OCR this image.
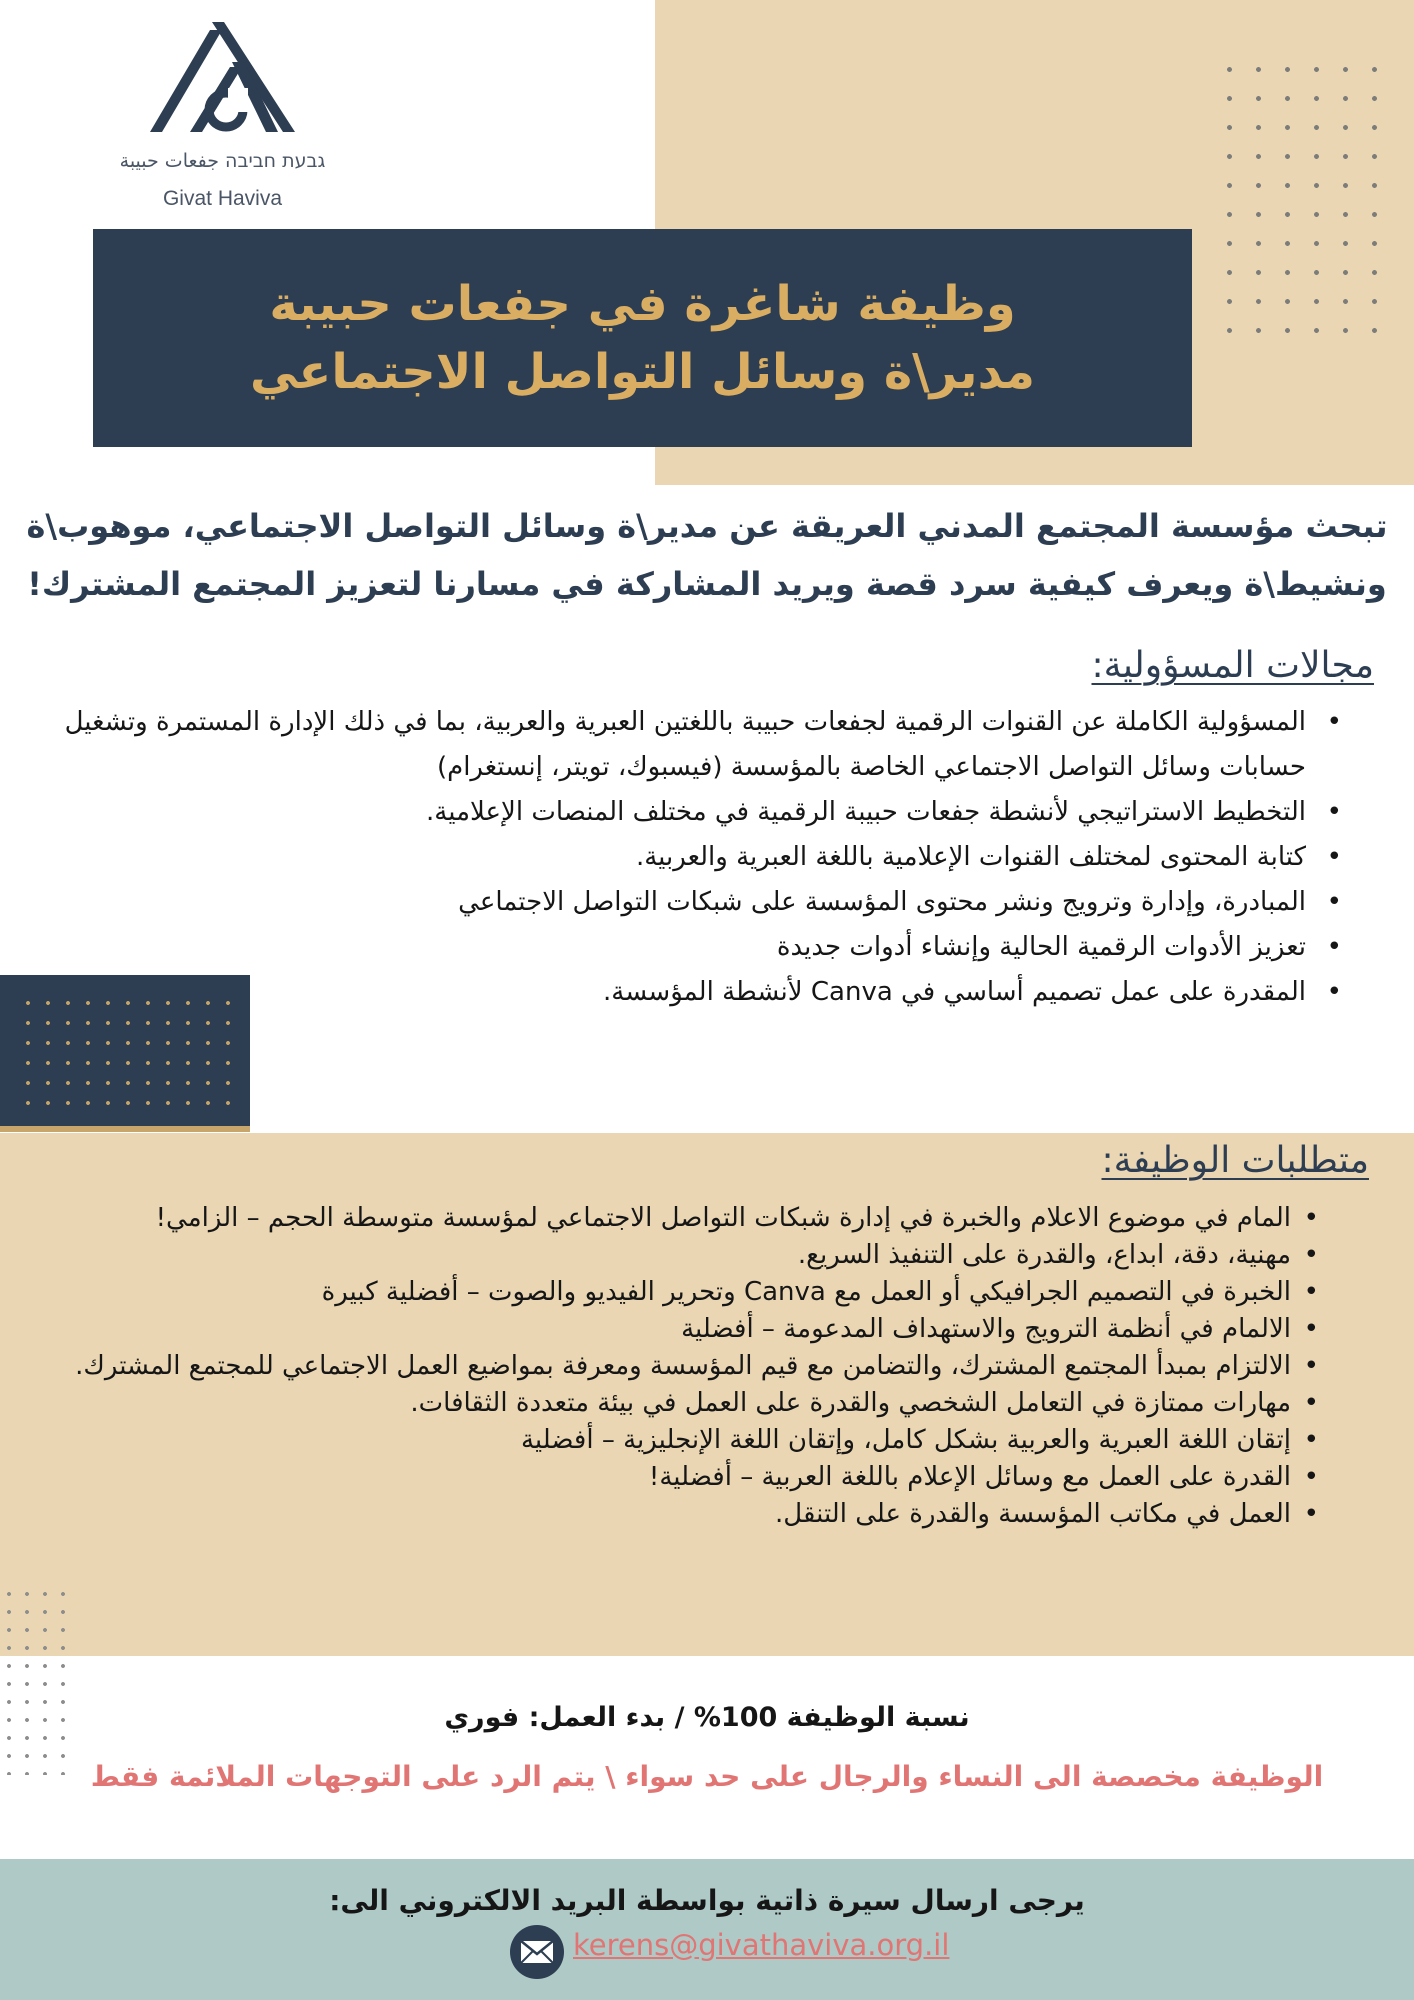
גבעת חביבה جفعات حبيبة
Givat Haviva
وظيفة شاغرة في جفعات حبيبة
مدير\ة وسائل التواصل الاجتماعي
تبحث مؤسسة المجتمع المدني العريقة عن مدير\ة وسائل التواصل الاجتماعي، موهوب\ة
ونشيط\ة ويعرف كيفية سرد قصة ويريد المشاركة في مسارنا لتعزيز المجتمع المشترك!
مجالات المسؤولية:
• المسؤولية الكاملة عن القنوات الرقمية لجفعات حبيبة باللغتين العبرية والعربية، بما في ذلك الإدارة المستمرة وتشغيل حسابات وسائل التواصل الاجتماعي الخاصة بالمؤسسة (فيسبوك، تويتر، إنستغرام)
• التخطيط الاستراتيجي لأنشطة جفعات حبيبة الرقمية في مختلف المنصات الإعلامية.
• كتابة المحتوى لمختلف القنوات الإعلامية باللغة العبرية والعربية.
• المبادرة، وإدارة وترويج ونشر محتوى المؤسسة على شبكات التواصل الاجتماعي
• تعزيز الأدوات الرقمية الحالية وإنشاء أدوات جديدة
• المقدرة على عمل تصميم أساسي في Canva لأنشطة المؤسسة.
متطلبات الوظيفة:
• المام في موضوع الاعلام والخبرة في إدارة شبكات التواصل الاجتماعي لمؤسسة متوسطة الحجم – الزامي!
• مهنية، دقة، ابداع، والقدرة على التنفيذ السريع.
• الخبرة في التصميم الجرافيكي أو العمل مع Canva وتحرير الفيديو والصوت – أفضلية كبيرة
• الالمام في أنظمة الترويج والاستهداف المدعومة – أفضلية
• الالتزام بمبدأ المجتمع المشترك، والتضامن مع قيم المؤسسة ومعرفة بمواضيع العمل الاجتماعي للمجتمع المشترك.
• مهارات ممتازة في التعامل الشخصي والقدرة على العمل في بيئة متعددة الثقافات.
• إتقان اللغة العبرية والعربية بشكل كامل، وإتقان اللغة الإنجليزية – أفضلية
• القدرة على العمل مع وسائل الإعلام باللغة العربية – أفضلية!
• العمل في مكاتب المؤسسة والقدرة على التنقل.
نسبة الوظيفة 100% / بدء العمل: فوري
الوظيفة مخصصة الى النساء والرجال على حد سواء \ يتم الرد على التوجهات الملائمة فقط
يرجى ارسال سيرة ذاتية بواسطة البريد الالكتروني الى:
kerens@givathaviva.org.il
